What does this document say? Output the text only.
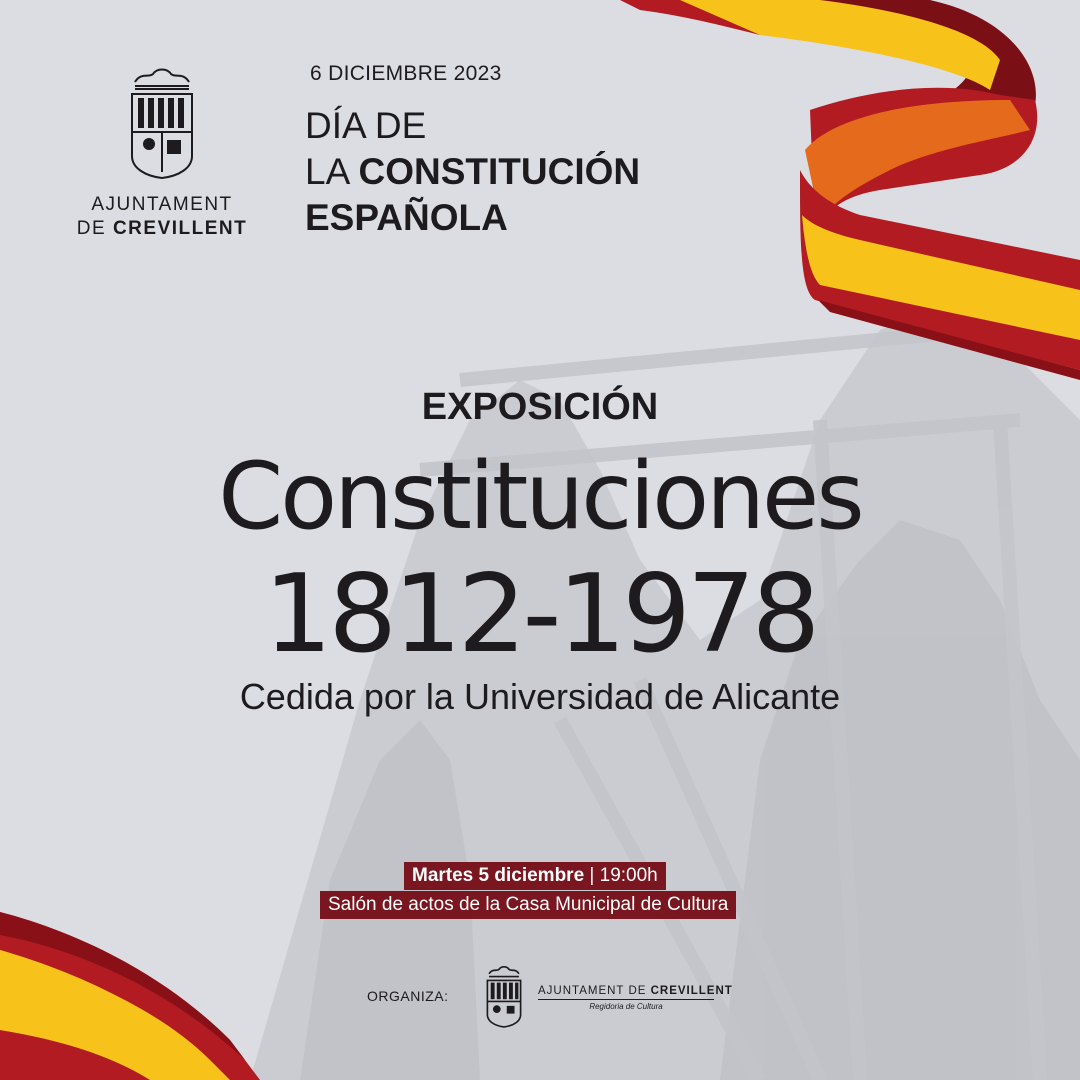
AJUNTAMENT
DE CREVILLENT
6 DICIEMBRE 2023
DÍA DE
LA CONSTITUCIÓN
ESPAÑOLA
EXPOSICIÓN
Constituciones
1812-1978
Cedida por la Universidad de Alicante
Martes 5 diciembre | 19:00h
Salón de actos de la Casa Municipal de Cultura
ORGANIZA:	AJUNTAMENT DE CREVILLENT
Regidoria de Cultura
